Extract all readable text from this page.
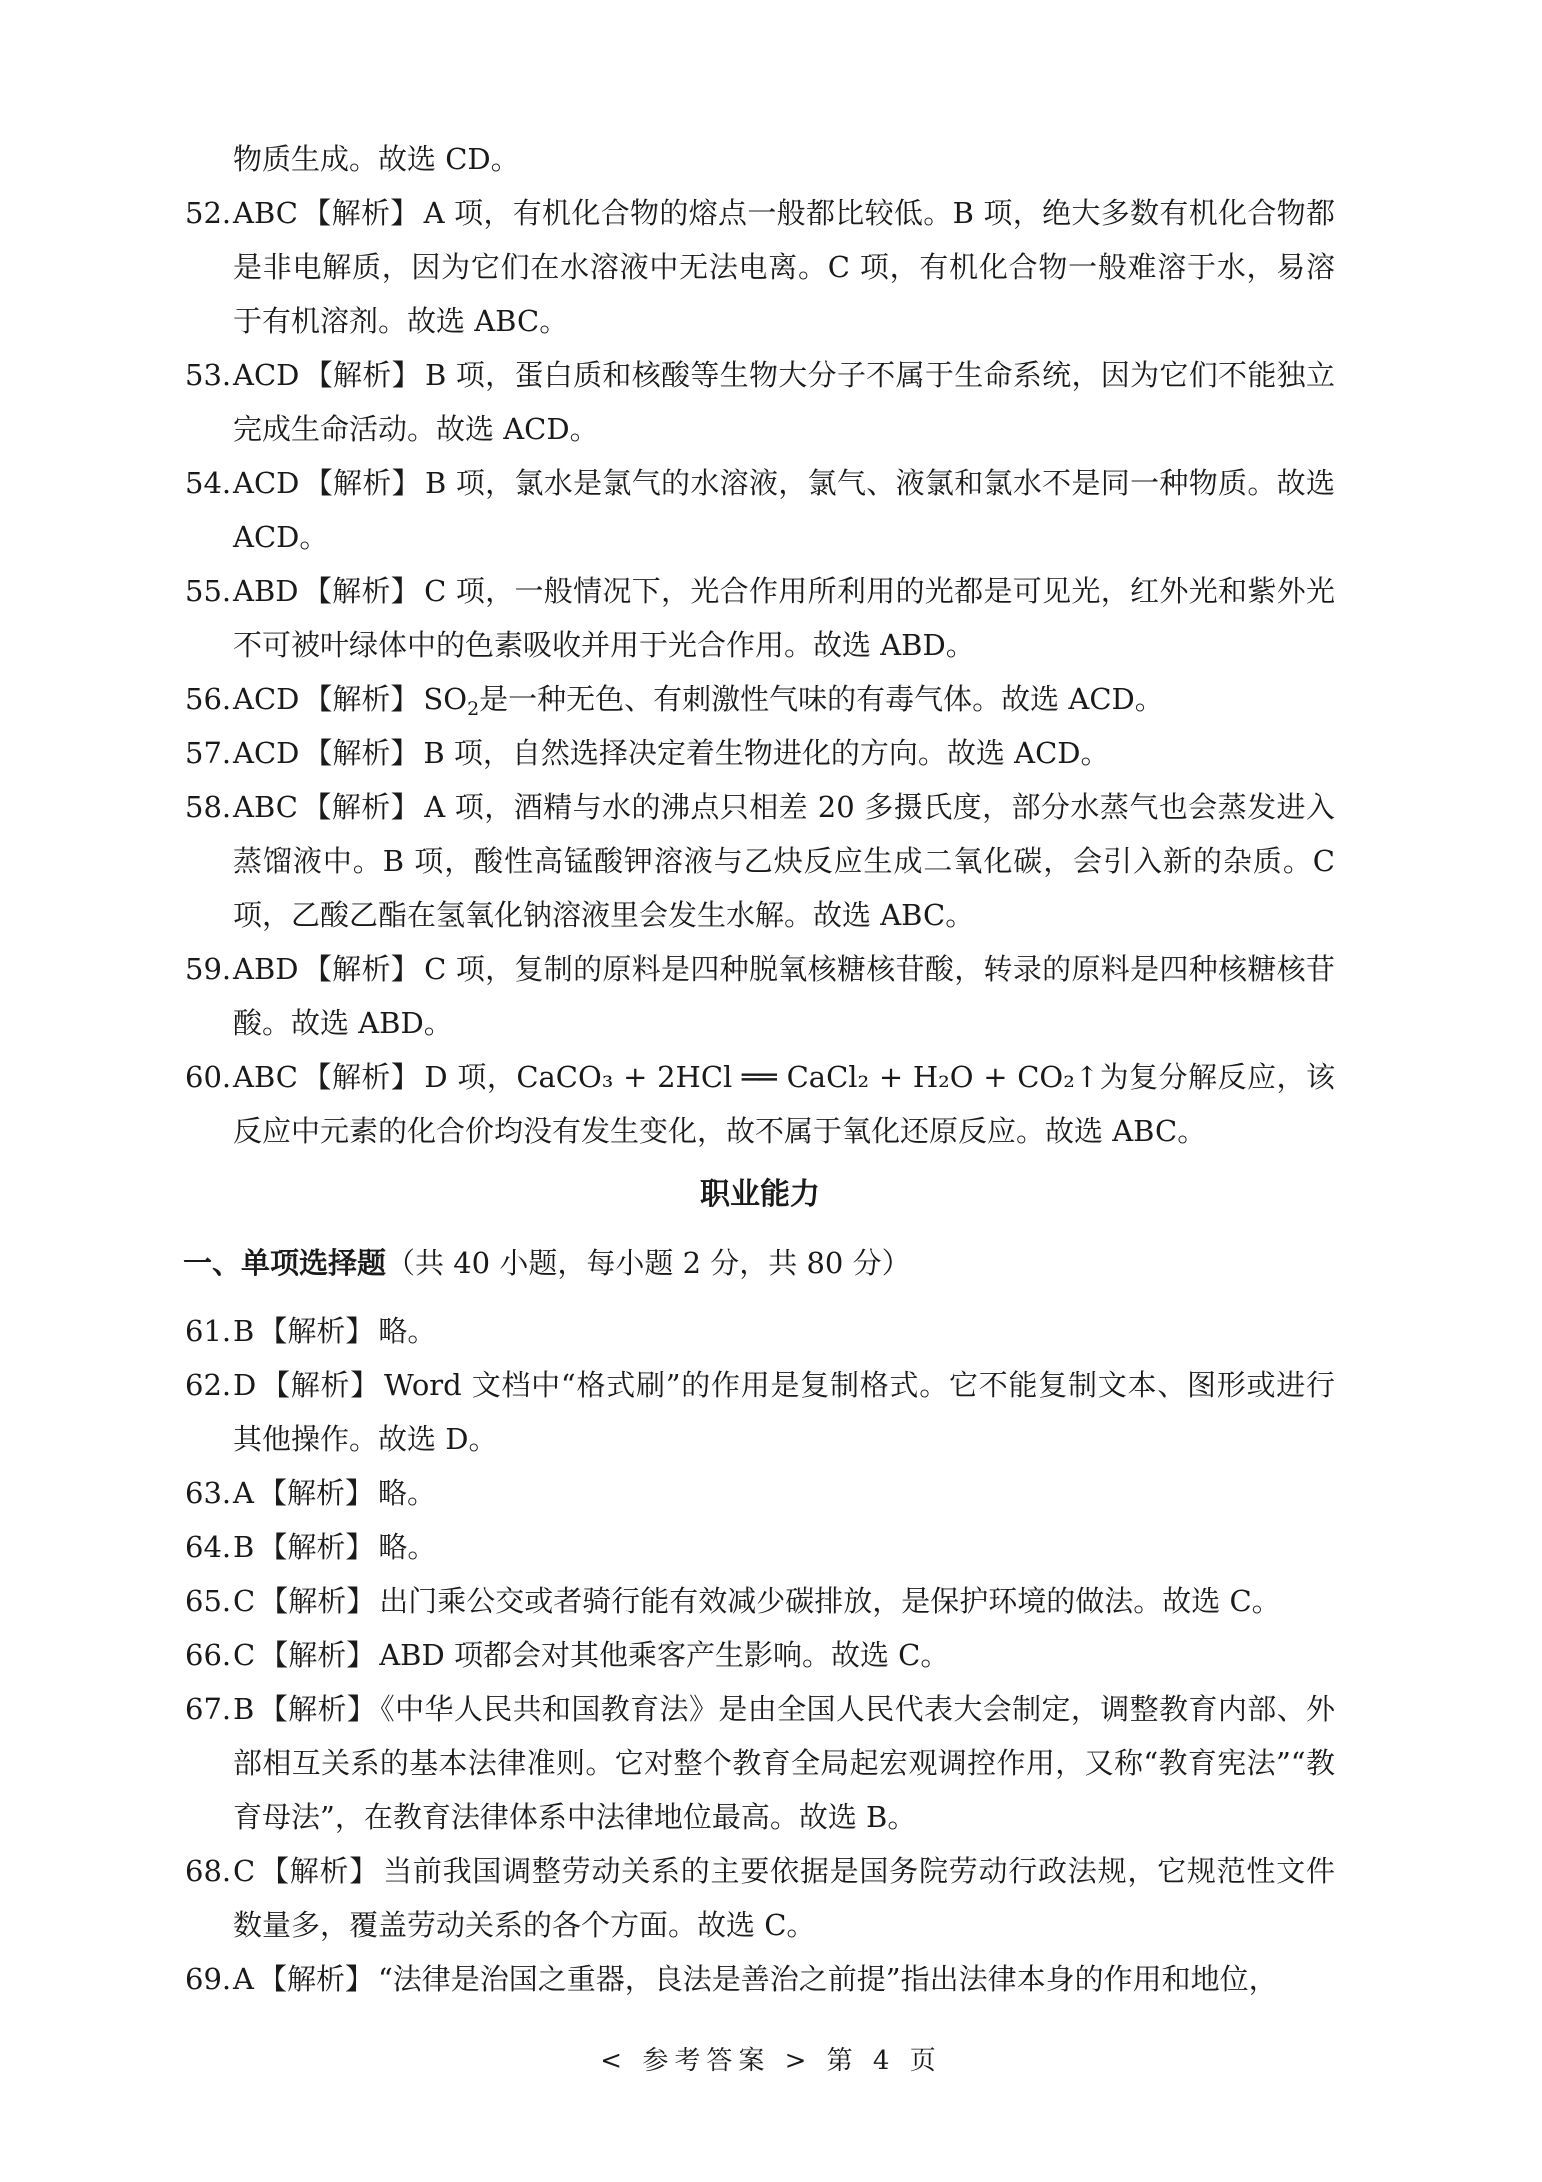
物质生成。故选 CD。
52. ABC 【解析】 A 项，有机化合物的熔点一般都比较低。B 项，绝大多数有机化合物都是非电解质，因为它们在水溶液中无法电离。C 项，有机化合物一般难溶于水，易溶于有机溶剂。故选 ABC。
53. ACD 【解析】 B 项，蛋白质和核酸等生物大分子不属于生命系统，因为它们不能独立完成生命活动。故选 ACD。
54. ACD 【解析】 B 项，氯水是氯气的水溶液，氯气、液氯和氯水不是同一种物质。故选 ACD。
55. ABD 【解析】 C 项，一般情况下，光合作用所利用的光都是可见光，红外光和紫外光不可被叶绿体中的色素吸收并用于光合作用。故选 ABD。
56. ACD 【解析】 $SO_2$是一种无色、有刺激性气味的有毒气体。故选 ACD。
57. ACD 【解析】 B 项，自然选择决定着生物进化的方向。故选 ACD。
58. ABC 【解析】 A 项，酒精与水的沸点只相差 20 多摄氏度，部分水蒸气也会蒸发进入蒸馏液中。B 项，酸性高锰酸钾溶液与乙炔反应生成二氧化碳，会引入新的杂质。C 项，乙酸乙酯在氢氧化钠溶液里会发生水解。故选 ABC。
59. ABD 【解析】 C 项，复制的原料是四种脱氧核糖核苷酸，转录的原料是四种核糖核苷酸。故选 ABD。
60. ABC 【解析】 D 项，CaCO₃ + 2HCl ══ CaCl₂ + H₂O + CO₂↑为复分解反应，该反应中元素的化合价均没有发生变化，故不属于氧化还原反应。故选 ABC。
职业能力
一、单项选择题（共 40 小题，每小题 2 分，共 80 分）
61. B 【解析】 略。
62. D 【解析】 Word 文档中“格式刷”的作用是复制格式。它不能复制文本、图形或进行其他操作。故选 D。
63. A 【解析】 略。
64. B 【解析】 略。
65. C 【解析】 出门乘公交或者骑行能有效减少碳排放，是保护环境的做法。故选 C。
66. C 【解析】 ABD 项都会对其他乘客产生影响。故选 C。
67. B 【解析】 《中华人民共和国教育法》是由全国人民代表大会制定，调整教育内部、外部相互关系的基本法律准则。它对整个教育全局起宏观调控作用，又称“教育宪法”“教育母法”，在教育法律体系中法律地位最高。故选 B。
68. C 【解析】 当前我国调整劳动关系的主要依据是国务院劳动行政法规，它规范性文件数量多，覆盖劳动关系的各个方面。故选 C。
69. A 【解析】 “法律是治国之重器，良法是善治之前提”指出法律本身的作用和地位，
< 参考答案 > 第 4 页
